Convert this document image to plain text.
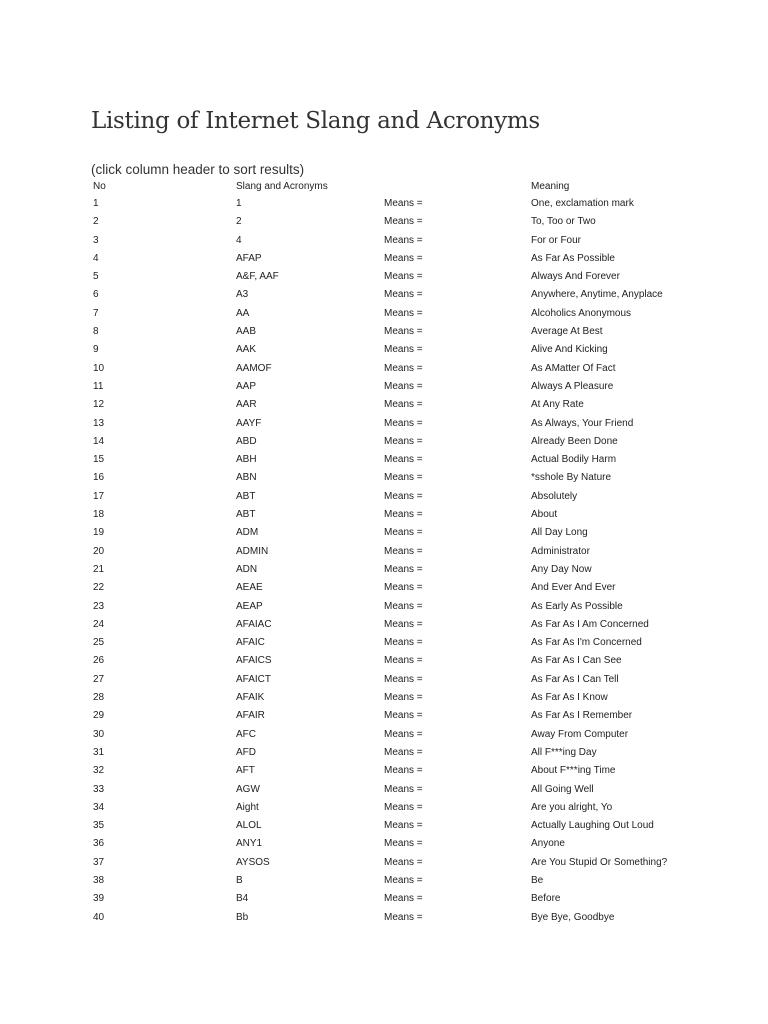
Listing of Internet Slang and Acronyms
(click column header to sort results)
No	Slang and Acronyms		Meaning
1	1	Means =	One, exclamation mark
2	2	Means =	To, Too or Two
3	4	Means =	For or Four
4	AFAP	Means =	As Far As Possible
5	A&F, AAF	Means =	Always And Forever
6	A3	Means =	Anywhere, Anytime, Anyplace
7	AA	Means =	Alcoholics Anonymous
8	AAB	Means =	Average At Best
9	AAK	Means =	Alive And Kicking
10	AAMOF	Means =	As AMatter Of Fact
11	AAP	Means =	Always A Pleasure
12	AAR	Means =	At Any Rate
13	AAYF	Means =	As Always, Your Friend
14	ABD	Means =	Already Been Done
15	ABH	Means =	Actual Bodily Harm
16	ABN	Means =	*sshole By Nature
17	ABT	Means =	Absolutely
18	ABT	Means =	About
19	ADM	Means =	All Day Long
20	ADMIN	Means =	Administrator
21	ADN	Means =	Any Day Now
22	AEAE	Means =	And Ever And Ever
23	AEAP	Means =	As Early As Possible
24	AFAIAC	Means =	As Far As I Am Concerned
25	AFAIC	Means =	As Far As I'm Concerned
26	AFAICS	Means =	As Far As I Can See
27	AFAICT	Means =	As Far As I Can Tell
28	AFAIK	Means =	As Far As I Know
29	AFAIR	Means =	As Far As I Remember
30	AFC	Means =	Away From Computer
31	AFD	Means =	All F***ing Day
32	AFT	Means =	About F***ing Time
33	AGW	Means =	All Going Well
34	Aight	Means =	Are you alright, Yo
35	ALOL	Means =	Actually Laughing Out Loud
36	ANY1	Means =	Anyone
37	AYSOS	Means =	Are You Stupid Or Something?
38	B	Means =	Be
39	B4	Means =	Before
40	Bb	Means =	Bye Bye, Goodbye
